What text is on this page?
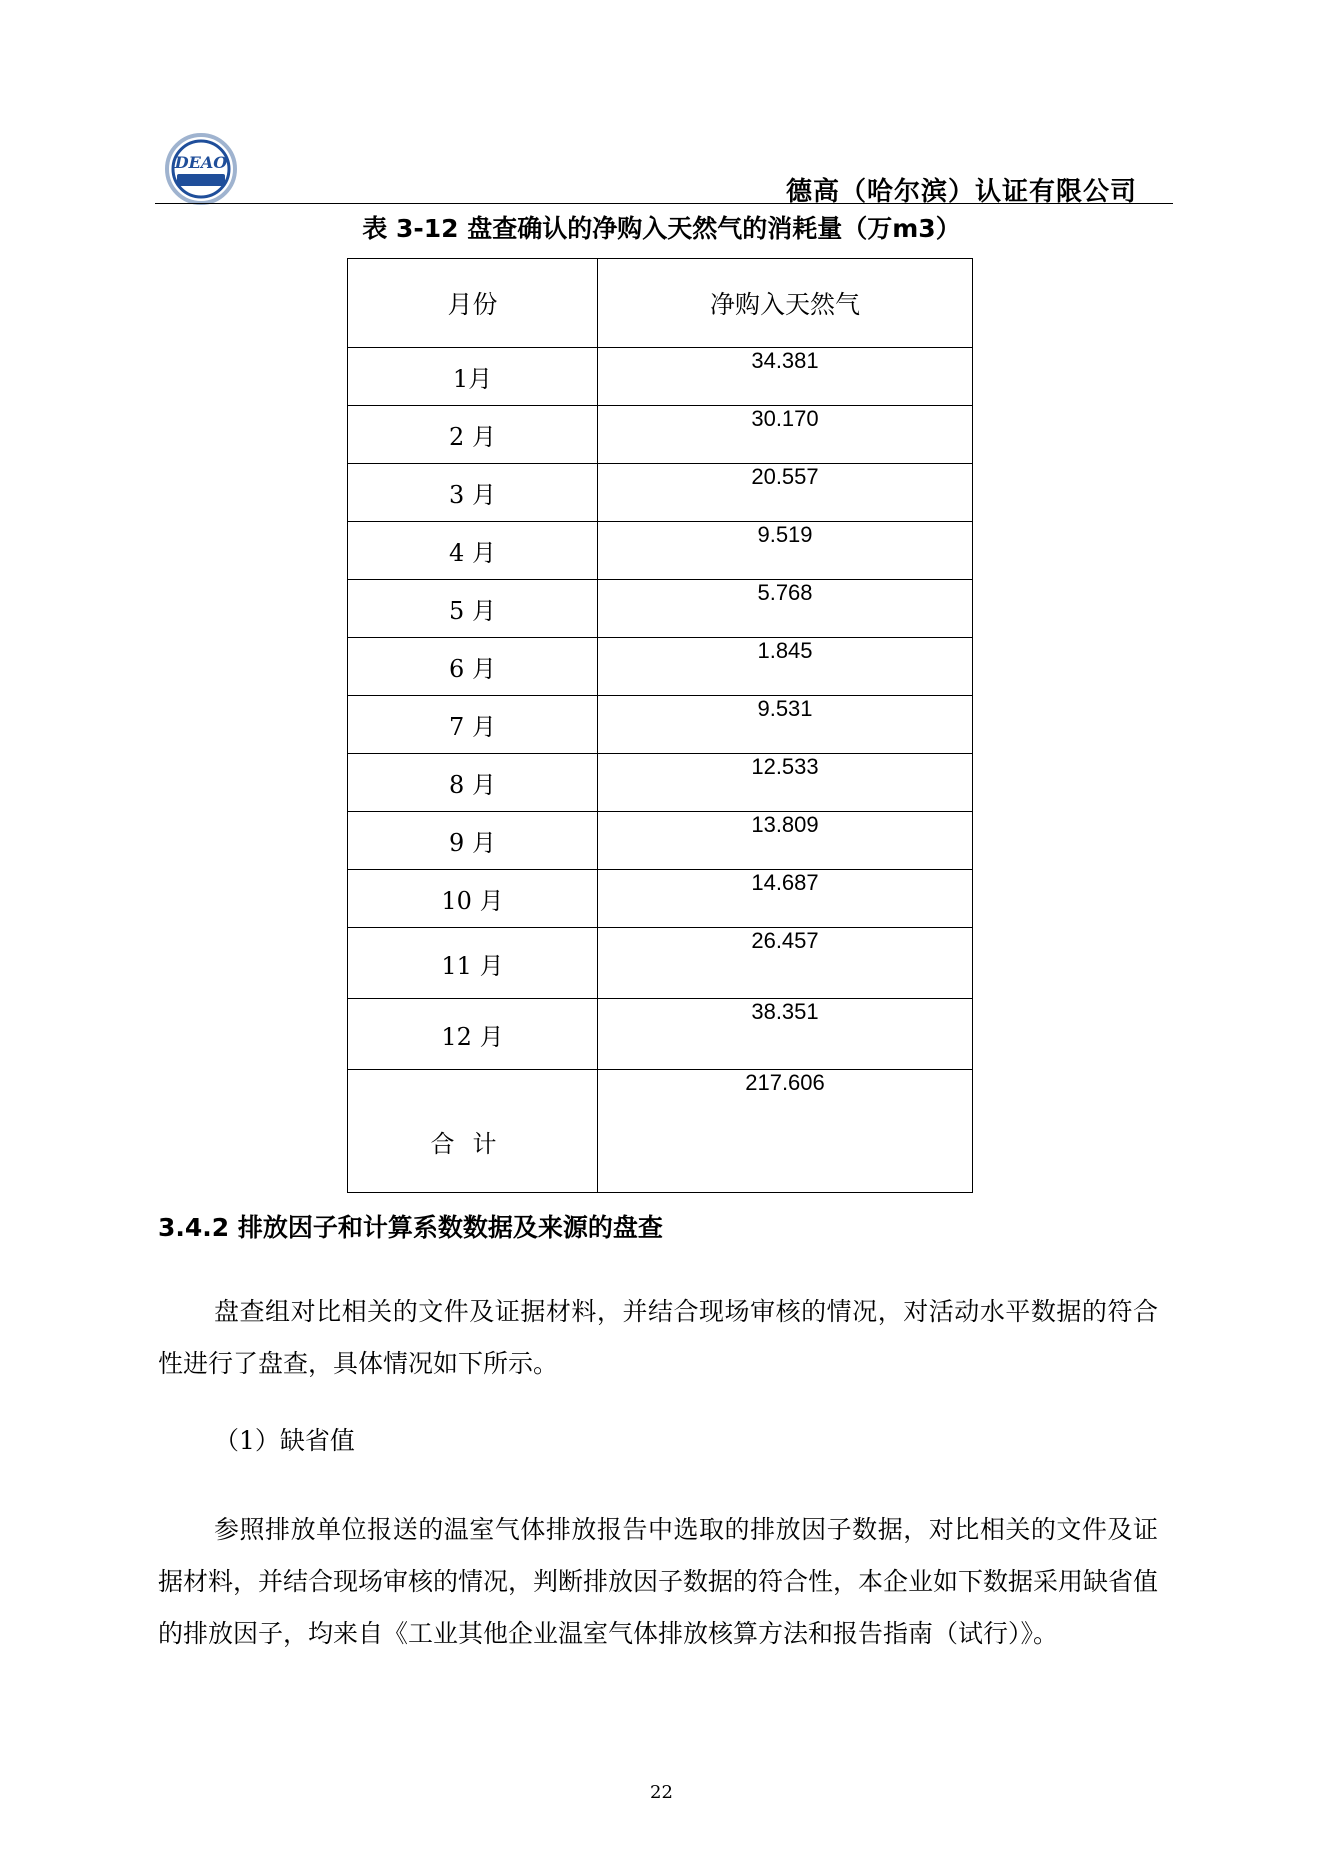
DEAO
德高（哈尔滨）认证有限公司
表 3-12 盘查确认的净购入天然气的消耗量（万m3）
月份	净购入天然气
1月	34.381
2 月	30.170
3 月	20.557
4 月	9.519
5 月	5.768
6 月	1.845
7 月	9.531
8 月	12.533
9 月	13.809
10 月	14.687
11 月	26.457
12 月	38.351
合计	217.606
3.4.2 排放因子和计算系数数据及来源的盘查
盘查组对比相关的文件及证据材料，并结合现场审核的情况，对活动水平数据的符合性进行了盘查，具体情况如下所示。
（1）缺省值
参照排放单位报送的温室气体排放报告中选取的排放因子数据，对比相关的文件及证据材料，并结合现场审核的情况，判断排放因子数据的符合性，本企业如下数据采用缺省值的排放因子，均来自《工业其他企业温室气体排放核算方法和报告指南（试行）》。
22
